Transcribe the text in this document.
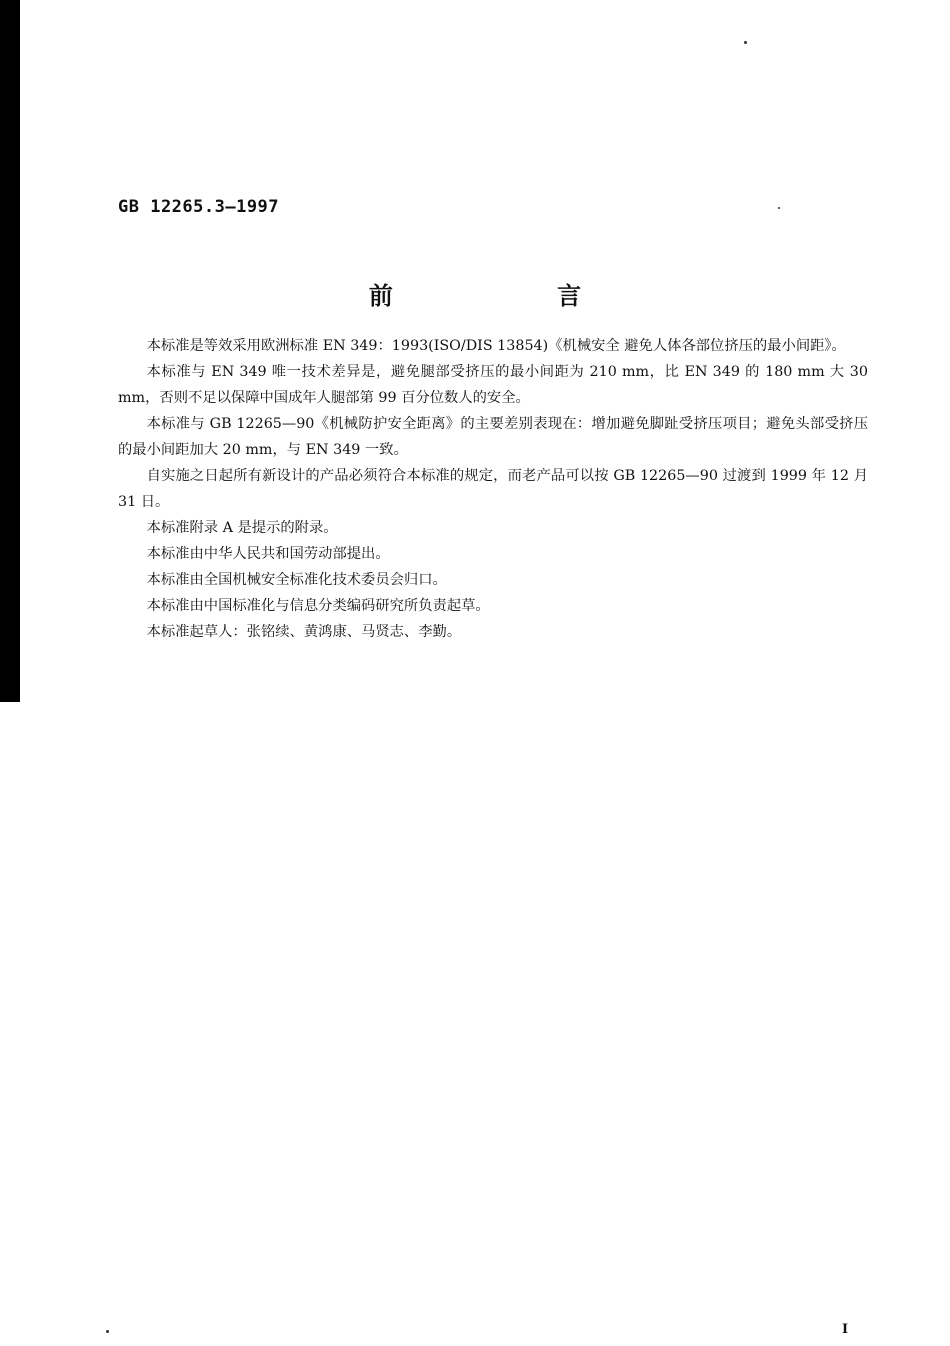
GB 12265.3—1997
前 言

本标准是等效采用欧洲标准 EN 349：1993(ISO/DIS 13854)《机械安全 避免人体各部位挤压的最小间距》。

本标准与 EN 349 唯一技术差异是，避免腿部受挤压的最小间距为 210 mm，比 EN 349 的 180 mm 大 30 mm，否则不足以保障中国成年人腿部第 99 百分位数人的安全。

本标准与 GB 12265—90《机械防护安全距离》的主要差别表现在：增加避免脚趾受挤压项目；避免头部受挤压的最小间距加大 20 mm，与 EN 349 一致。

自实施之日起所有新设计的产品必须符合本标准的规定，而老产品可以按 GB 12265—90 过渡到 1999 年 12 月 31 日。

本标准附录 A 是提示的附录。

本标准由中华人民共和国劳动部提出。

本标准由全国机械安全标准化技术委员会归口。

本标准由中国标准化与信息分类编码研究所负责起草。

本标准起草人：张铭续、黄鸿康、马贤志、李勤。

I
